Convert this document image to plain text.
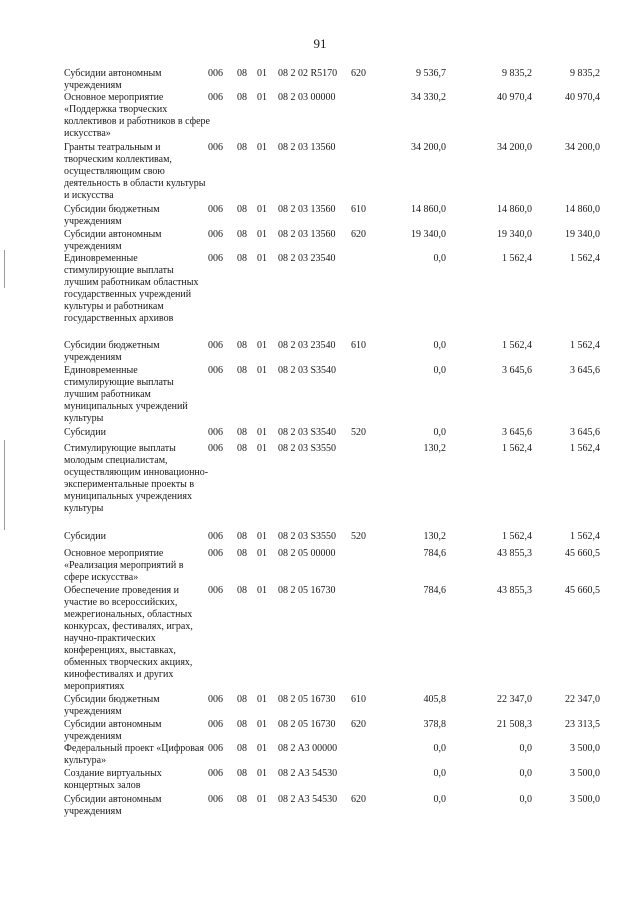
91
Субсидии автономным учреждениям
006 08 01 08 2 02 R5170 620	9 536,7	9 835,2	9 835,2
Основное мероприятие «Поддержка творческих коллективов и работников в сфере искусства»
006 08 01 08 2 03 00000	34 330,2	40 970,4	40 970,4
Гранты театральным и творческим коллективам, осуществляющим свою деятельность в области культуры и искусства
006 08 01 08 2 03 13560	34 200,0	34 200,0	34 200,0
Субсидии бюджетным учреждениям
006 08 01 08 2 03 13560 610	14 860,0	14 860,0	14 860,0
Субсидии автономным учреждениям
006 08 01 08 2 03 13560 620	19 340,0	19 340,0	19 340,0
Единовременные стимулирующие выплаты лучшим работникам областных государственных учреждений культуры и работникам государственных архивов
006 08 01 08 2 03 23540	0,0	1 562,4	1 562,4
Субсидии бюджетным учреждениям
006 08 01 08 2 03 23540 610	0,0	1 562,4	1 562,4
Единовременные стимулирующие выплаты лучшим работникам муниципальных учреждений культуры
006 08 01 08 2 03 S3540	0,0	3 645,6	3 645,6
Субсидии	006 08 01 08 2 03 S3540 520	0,0	3 645,6	3 645,6
Стимулирующие выплаты молодым специалистам, осуществляющим инновационно-экспериментальные проекты в муниципальных учреждениях культуры
006 08 01 08 2 03 S3550	130,2	1 562,4	1 562,4
Субсидии	006 08 01 08 2 03 S3550 520	130,2	1 562,4	1 562,4
Основное мероприятие «Реализация мероприятий в сфере искусства»
006 08 01 08 2 05 00000	784,6	43 855,3	45 660,5
Обеспечение проведения и участие во всероссийских, межрегиональных, областных конкурсах, фестивалях, играх, научно-практических конференциях, выставках, обменных творческих акциях, кинофестивалях и других мероприятиях
006 08 01 08 2 05 16730	784,6	43 855,3	45 660,5
Субсидии бюджетным учреждениям
006 08 01 08 2 05 16730 610	405,8	22 347,0	22 347,0
Субсидии автономным учреждениям
006 08 01 08 2 05 16730 620	378,8	21 508,3	23 313,5
Федеральный проект «Цифровая культура»
006 08 01 08 2 A3 00000	0,0	0,0	3 500,0
Создание виртуальных концертных залов
006 08 01 08 2 A3 54530	0,0	0,0	3 500,0
Субсидии автономным учреждениям
006 08 01 08 2 A3 54530 620	0,0	0,0	3 500,0
